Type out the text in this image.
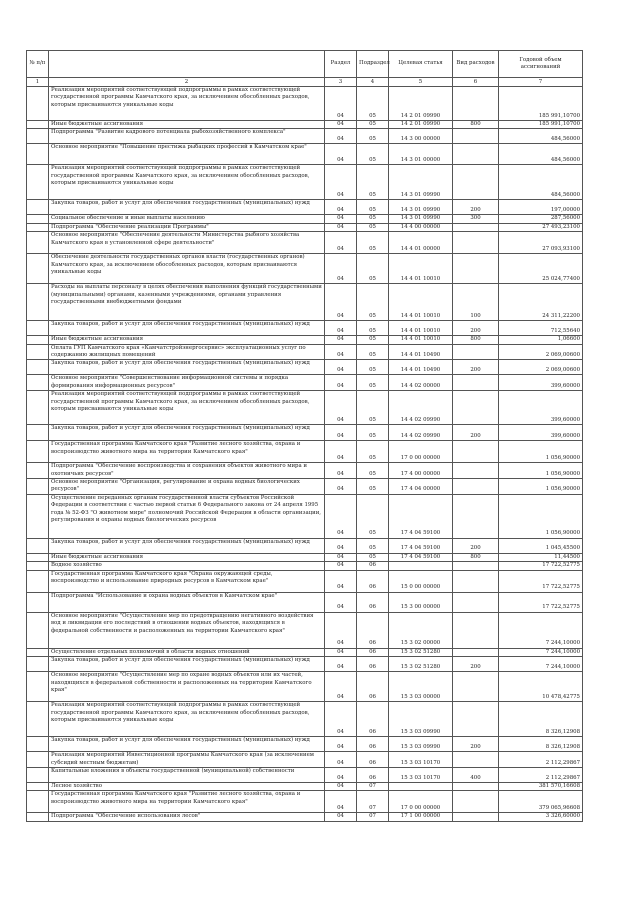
№ п/п		Раздел	Подраздел	Целевая статья	Вид расходов	Годовой объем ассигнований
1	2	3	4	5	6	7
	Реализация мероприятий соответствующей подпрограммы в рамках соответствующей государственной программы Камчатского края, за исключением обособленных расходов, которым присваиваются уникальные коды	04	05	14 2 01 09990		185 991,10700
	Иные бюджетные ассигнования	04	05	14 2 01 09990	800	185 991,10700
	Подпрограмма "Развитие кадрового потенциала рыбохозяйственного комплекса"	04	05	14 3 00 00000		484,56000
	Основное мероприятие "Повышение престижа рыбацких профессий в Камчатском крае"	04	05	14 3 01 00000		484,56000
	Реализация мероприятий соответствующей подпрограммы в рамках соответствующей государственной программы Камчатского края, за исключением обособленных расходов, которым присваиваются уникальные коды	04	05	14 3 01 09990		484,56000
	Закупка товаров, работ и услуг для обеспечения государственных (муниципальных) нужд	04	05	14 3 01 09990	200	197,00000
	Социальное обеспечение и иные выплаты населению	04	05	14 3 01 09990	300	287,56000
	Подпрограмма "Обеспечение реализации Программы"	04	05	14 4 00 00000		27 493,23100
	Основное мероприятие "Обеспечение деятельности Министерства рыбного хозяйства Камчатского края в установленной сфере деятельности"	04	05	14 4 01 00000		27 093,93100
	Обеспечение деятельности государственных органов власти (государственных органов) Камчатского края, за исключением обособленных расходов, которым присваиваются уникальные коды	04	05	14 4 01 10010		25 024,77400
	Расходы на выплаты персоналу в целях обеспечения выполнения функций государственными (муниципальными) органами, казенными учреждениями, органами управления государственными внебюджетными фондами	04	05	14 4 01 10010	100	24 311,22200
	Закупка товаров, работ и услуг для обеспечения государственных (муниципальных) нужд	04	05	14 4 01 10010	200	712,55640
	Иные бюджетные ассигнования	04	05	14 4 01 10010	800	1,06600
	Оплата ГУП Камчатского края «Камчатстройэнергосервис» эксплуатационных услуг по содержанию жилищных помещений	04	05	14 4 01 10490		2 069,00600
	Закупка товаров, работ и услуг для обеспечения государственных (муниципальных) нужд	04	05	14 4 01 10490	200	2 069,00600
	Основное мероприятие "Совершенствование информационной системы и порядка формирования информационных ресурсов"	04	05	14 4 02 00000		399,60000
	Реализация мероприятий соответствующей подпрограммы в рамках соответствующей государственной программы Камчатского края, за исключением обособленных расходов, которым присваиваются уникальные коды	04	05	14 4 02 09990		399,60000
	Закупка товаров, работ и услуг для обеспечения государственных (муниципальных) нужд	04	05	14 4 02 09990	200	399,60000
	Государственная программа Камчатского края "Развитие лесного хозяйства, охрана и воспроизводство животного мира на территории Камчатского края"	04	05	17 0 00 00000		1 056,90000
	Подпрограмма "Обеспечение воспроизводства и сохранения объектов животного мира и охотничьих ресурсов"	04	05	17 4 00 00000		1 056,90000
	Основное мероприятие "Организация, регулирование и охрана водных биологических ресурсов"	04	05	17 4 04 00000		1 056,90000
	Осуществление переданных органам государственной власти субъектов Российской Федерации в соответствии с частью первой статьи 6 Федерального закона от 24 апреля 1995 года № 52-ФЗ "О животном мире" полномочий Российской Федерации в области организации, регулирования и охраны водных биологических ресурсов	04	05	17 4 04 59100		1 056,90000
	Закупка товаров, работ и услуг для обеспечения государственных (муниципальных) нужд	04	05	17 4 04 59100	200	1 045,45500
	Иные бюджетные ассигнования	04	05	17 4 04 59100	800	11,44500
	Водное хозяйство	04	06			17 722,52775
	Государственная программа Камчатского края "Охрана окружающей среды, воспроизводство и использование природных ресурсов в Камчатском крае"	04	06	15 0 00 00000		17 722,52775
	Подпрограмма "Использование и охрана водных объектов в Камчатском крае"	04	06	15 3 00 00000		17 722,52775
	Основное мероприятие "Осуществление мер по предотвращению негативного воздействия вод и ликвидации его последствий в отношении водных объектов, находящихся в федеральной собственности и расположенных на территории Камчатского края"	04	06	15 3 02 00000		7 244,10000
	Осуществление отдельных полномочий в области водных отношений	04	06	15 3 02 51280		7 244,10000
	Закупка товаров, работ и услуг для обеспечения государственных (муниципальных) нужд	04	06	15 3 02 51280	200	7 244,10000
	Основное мероприятие "Осуществление мер по охране водных объектов или их частей, находящихся в федеральной собственности и расположенных на территории Камчатского края"	04	06	15 3 03 00000		10 478,42775
	Реализация мероприятий соответствующей подпрограммы в рамках соответствующей государственной программы Камчатского края, за исключением обособленных расходов, которым присваиваются уникальные коды	04	06	15 3 03 09990		8 326,12908
	Закупка товаров, работ и услуг для обеспечения государственных (муниципальных) нужд	04	06	15 3 03 09990	200	8 326,12908
	Реализация мероприятий Инвестиционной программы Камчатского края (за исключением субсидий местным бюджетам)	04	06	15 3 03 10170		2 112,29867
	Капитальные вложения в объекты государственной (муниципальной) собственности	04	06	15 3 03 10170	400	2 112,29867
	Лесное хозяйство	04	07			381 570,16608
	Государственная программа Камчатского края "Развитие лесного хозяйства, охрана и воспроизводство животного мира на территории Камчатского края"	04	07	17 0 00 00000		379 065,96608
	Подпрограмма "Обеспечение использования лесов"	04	07	17 1 00 00000		3 326,60000
